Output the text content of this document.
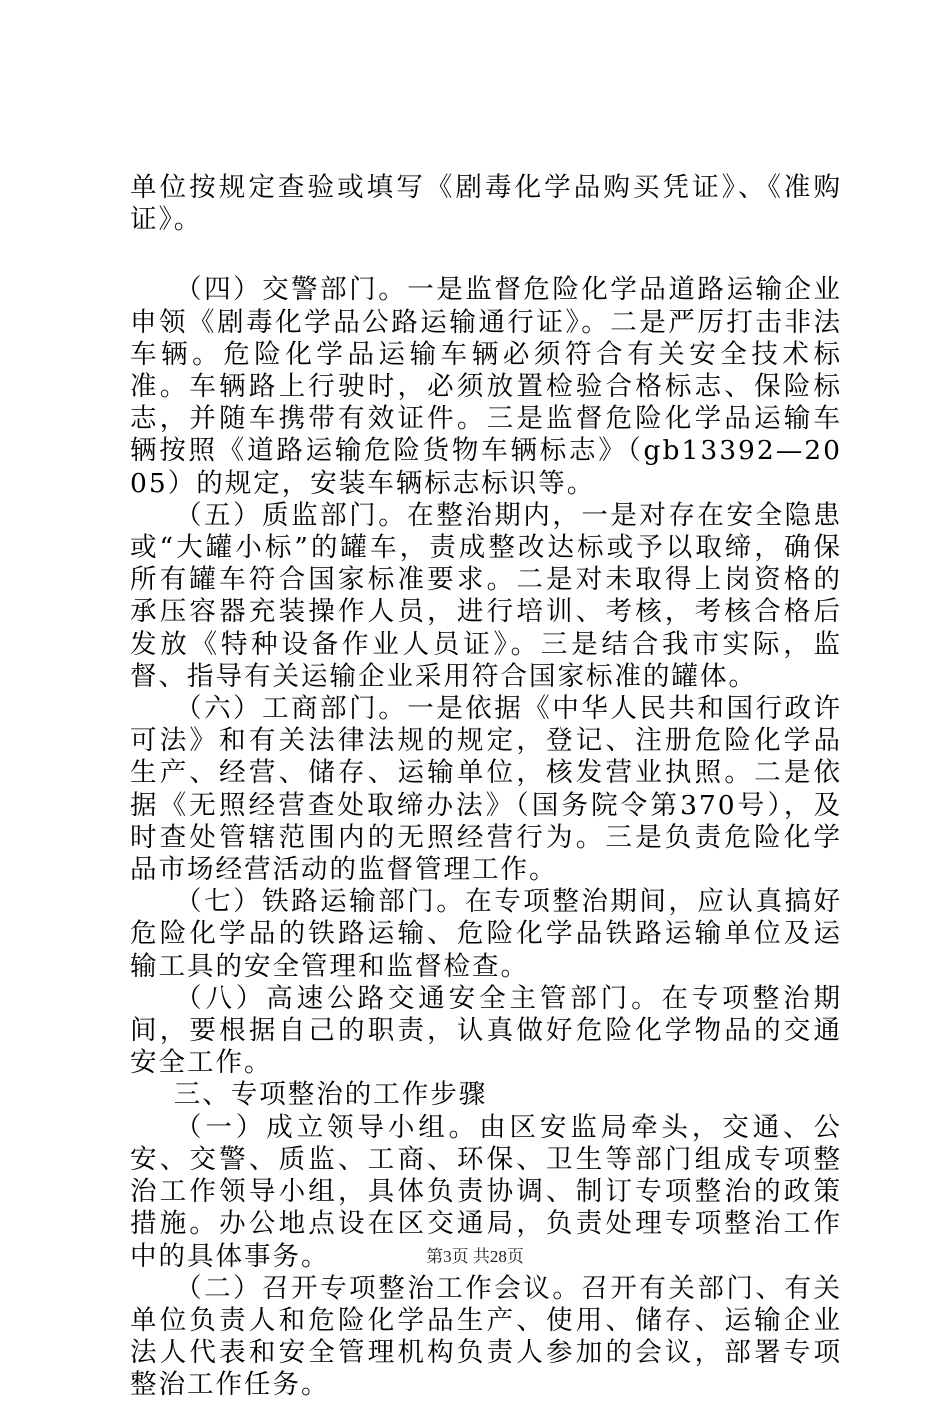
单位按规定查验或填写《剧毒化学品购买凭证》、《准购证》。

（四）交警部门。一是监督危险化学品道路运输企业申领《剧毒化学品公路运输通行证》。二是严厉打击非法车辆。危险化学品运输车辆必须符合有关安全技术标准。车辆路上行驶时，必须放置检验合格标志、保险标志，并随车携带有效证件。三是监督危险化学品运输车辆按照《道路运输危险货物车辆标志》（gb13392—2005）的规定，安装车辆标志标识等。

（五）质监部门。在整治期内，一是对存在安全隐患或“大罐小标”的罐车，责成整改达标或予以取缔，确保所有罐车符合国家标准要求。二是对未取得上岗资格的承压容器充装操作人员，进行培训、考核，考核合格后发放《特种设备作业人员证》。三是结合我市实际，监督、指导有关运输企业采用符合国家标准的罐体。

（六）工商部门。一是依据《中华人民共和国行政许可法》和有关法律法规的规定，登记、注册危险化学品生产、经营、储存、运输单位，核发营业执照。二是依据《无照经营查处取缔办法》（国务院令第370号），及时查处管辖范围内的无照经营行为。三是负责危险化学品市场经营活动的监督管理工作。

（七）铁路运输部门。在专项整治期间，应认真搞好危险化学品的铁路运输、危险化学品铁路运输单位及运输工具的安全管理和监督检查。

（八）高速公路交通安全主管部门。在专项整治期间，要根据自己的职责，认真做好危险化学物品的交通安全工作。

三、专项整治的工作步骤

（一）成立领导小组。由区安监局牵头，交通、公安、交警、质监、工商、环保、卫生等部门组成专项整治工作领导小组，具体负责协调、制订专项整治的政策措施。办公地点设在区交通局，负责处理专项整治工作中的具体事务。

（二）召开专项整治工作会议。召开有关部门、有关单位负责人和危险化学品生产、使用、储存、运输企业法人代表和安全管理机构负责人参加的会议，部署专项整治工作任务。

第3页 共28页
